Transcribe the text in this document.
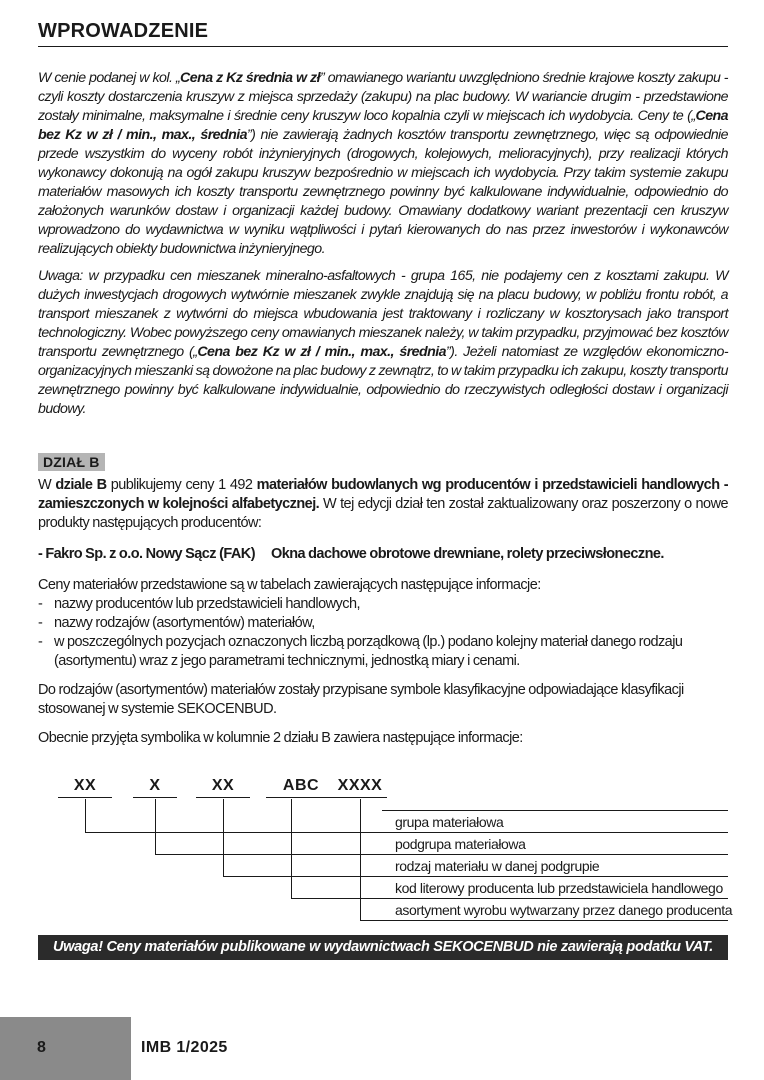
WPROWADZENIE

W cenie podanej w kol. „Cena z Kz średnia w zł” omawianego wariantu uwzględniono średnie krajowe koszty zakupu - czyli koszty dostarczenia kruszyw z miejsca sprzedaży (zakupu) na plac budowy. W wariancie drugim - przedstawione zostały minimalne, maksymalne i średnie ceny kruszyw loco kopalnia czyli w miejscach ich wydobycia. Ceny te („Cena bez Kz w zł / min., max., średnia”) nie zawierają żadnych kosztów transportu zewnętrznego, więc są odpowiednie przede wszystkim do wyceny robót inżynieryjnych (drogowych, kolejowych, melioracyjnych), przy realizacji których wykonawcy dokonują na ogół zakupu kruszyw bezpośrednio w miejscach ich wydobycia. Przy takim systemie zakupu materiałów masowych ich koszty transportu zewnętrznego powinny być kalkulowane indywidualnie, odpowiednio do założonych warunków dostaw i organizacji każdej budowy. Omawiany dodatkowy wariant prezentacji cen kruszyw wprowadzono do wydawnictwa w wyniku wątpliwości i pytań kierowanych do nas przez inwestorów i wykonawców realizujących obiekty budownictwa inżynieryjnego.

Uwaga: w przypadku cen mieszanek mineralno-asfaltowych - grupa 165, nie podajemy cen z kosztami zakupu. W dużych inwestycjach drogowych wytwórnie mieszanek zwykle znajdują się na placu budowy, w pobliżu frontu robót, a transport mieszanek z wytwórni do miejsca wbudowania jest traktowany i rozliczany w kosztorysach jako transport technologiczny. Wobec powyższego ceny omawianych mieszanek należy, w takim przypadku, przyjmować bez kosztów transportu zewnętrznego („Cena bez Kz w zł / min., max., średnia”). Jeżeli natomiast ze względów ekonomiczno-organizacyjnych mieszanki są dowożone na plac budowy z zewnątrz, to w takim przypadku ich zakupu, koszty transportu zewnętrznego powinny być kalkulowane indywidualnie, odpowiednio do rzeczywistych odległości dostaw i organizacji budowy.

DZIAŁ B

W dziale B publikujemy ceny 1 492 materiałów budowlanych wg producentów i przedstawicieli handlowych - zamieszczonych w kolejności alfabetycznej. W tej edycji dział ten został zaktualizowany oraz poszerzony o nowe produkty następujących producentów:

- Fakro Sp. z o.o. Nowy Sącz (FAK) Okna dachowe obrotowe drewniane, rolety przeciwsłoneczne.

Ceny materiałów przedstawione są w tabelach zawierających następujące informacje:

- nazwy producentów lub przedstawicieli handlowych,
- nazwy rodzajów (asortymentów) materiałów,
- w poszczególnych pozycjach oznaczonych liczbą porządkową (lp.) podano kolejny materiał danego rodzaju (asortymentu) wraz z jego parametrami technicznymi, jednostką miary i cenami.

Do rodzajów (asortymentów) materiałów zostały przypisane symbole klasyfikacyjne odpowiadające klasyfikacji stosowanej w systemie SEKOCENBUD.

Obecnie przyjęta symbolika w kolumnie 2 działu B zawiera następujące informacje:

XX	X	XX	ABC	XXXX
grupa materiałowa
podgrupa materiałowa
rodzaj materiału w danej podgrupie
kod literowy producenta lub przedstawiciela handlowego
asortyment wyrobu wytwarzany przez danego producenta
Uwaga! Ceny materiałów publikowane w wydawnictwach SEKOCENBUD nie zawierają podatku VAT.
8	IMB 1/2025
